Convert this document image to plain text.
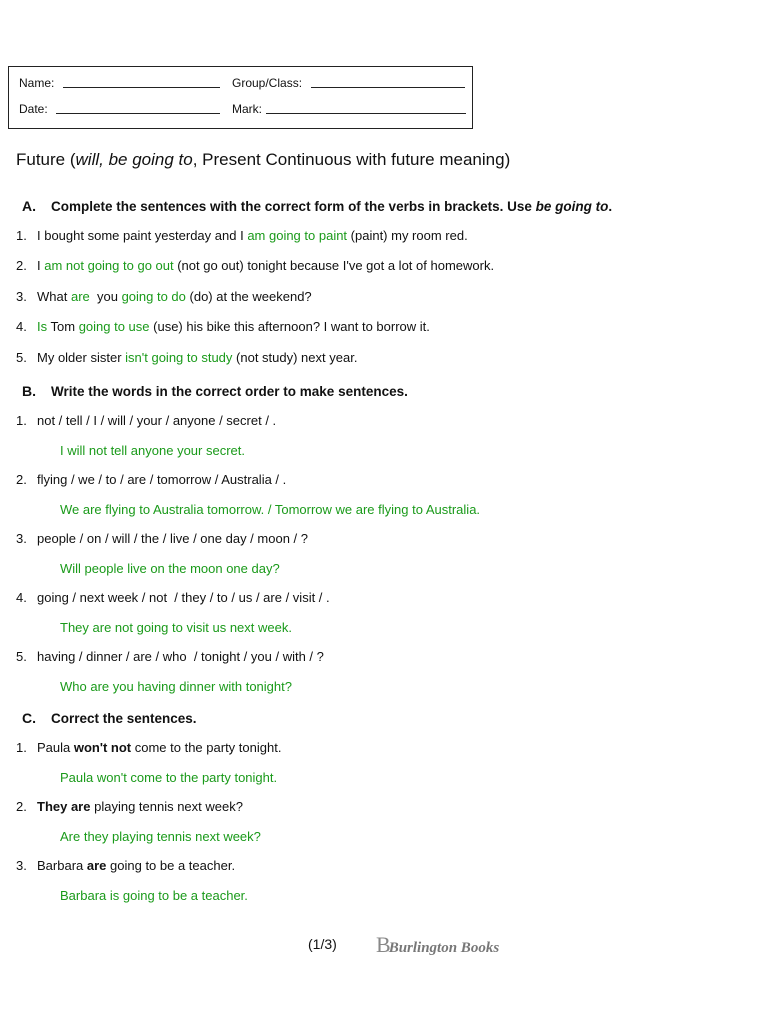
Name:	Group/Class:
Date:	Mark:
Future (will, be going to, Present Continuous with future meaning)
A. Complete the sentences with the correct form of the verbs in brackets. Use be going to.
1. I bought some paint yesterday and I am going to paint (paint) my room red.
2. I am not going to go out (not go out) tonight because I've got a lot of homework.
3. What are  you going to do (do) at the weekend?
4. Is Tom going to use (use) his bike this afternoon? I want to borrow it.
5. My older sister isn't going to study (not study) next year.
B. Write the words in the correct order to make sentences.
1. not / tell / I / will / your / anyone / secret / .
I will not tell anyone your secret.
2. flying / we / to / are / tomorrow / Australia / .
We are flying to Australia tomorrow. / Tomorrow we are flying to Australia.
3. people / on / will / the / live / one day / moon / ?
Will people live on the moon one day?
4. going / next week / not  / they / to / us / are / visit / .
They are not going to visit us next week.
5. having / dinner / are / who  / tonight / you / with / ?
Who are you having dinner with tonight?
C. Correct the sentences.
1. Paula won't not come to the party tonight.
Paula won't come to the party tonight.
2. They are playing tennis next week?
Are they playing tennis next week?
3. Barbara are going to be a teacher.
Barbara is going to be a teacher.
(1/3) BBurlington Books
